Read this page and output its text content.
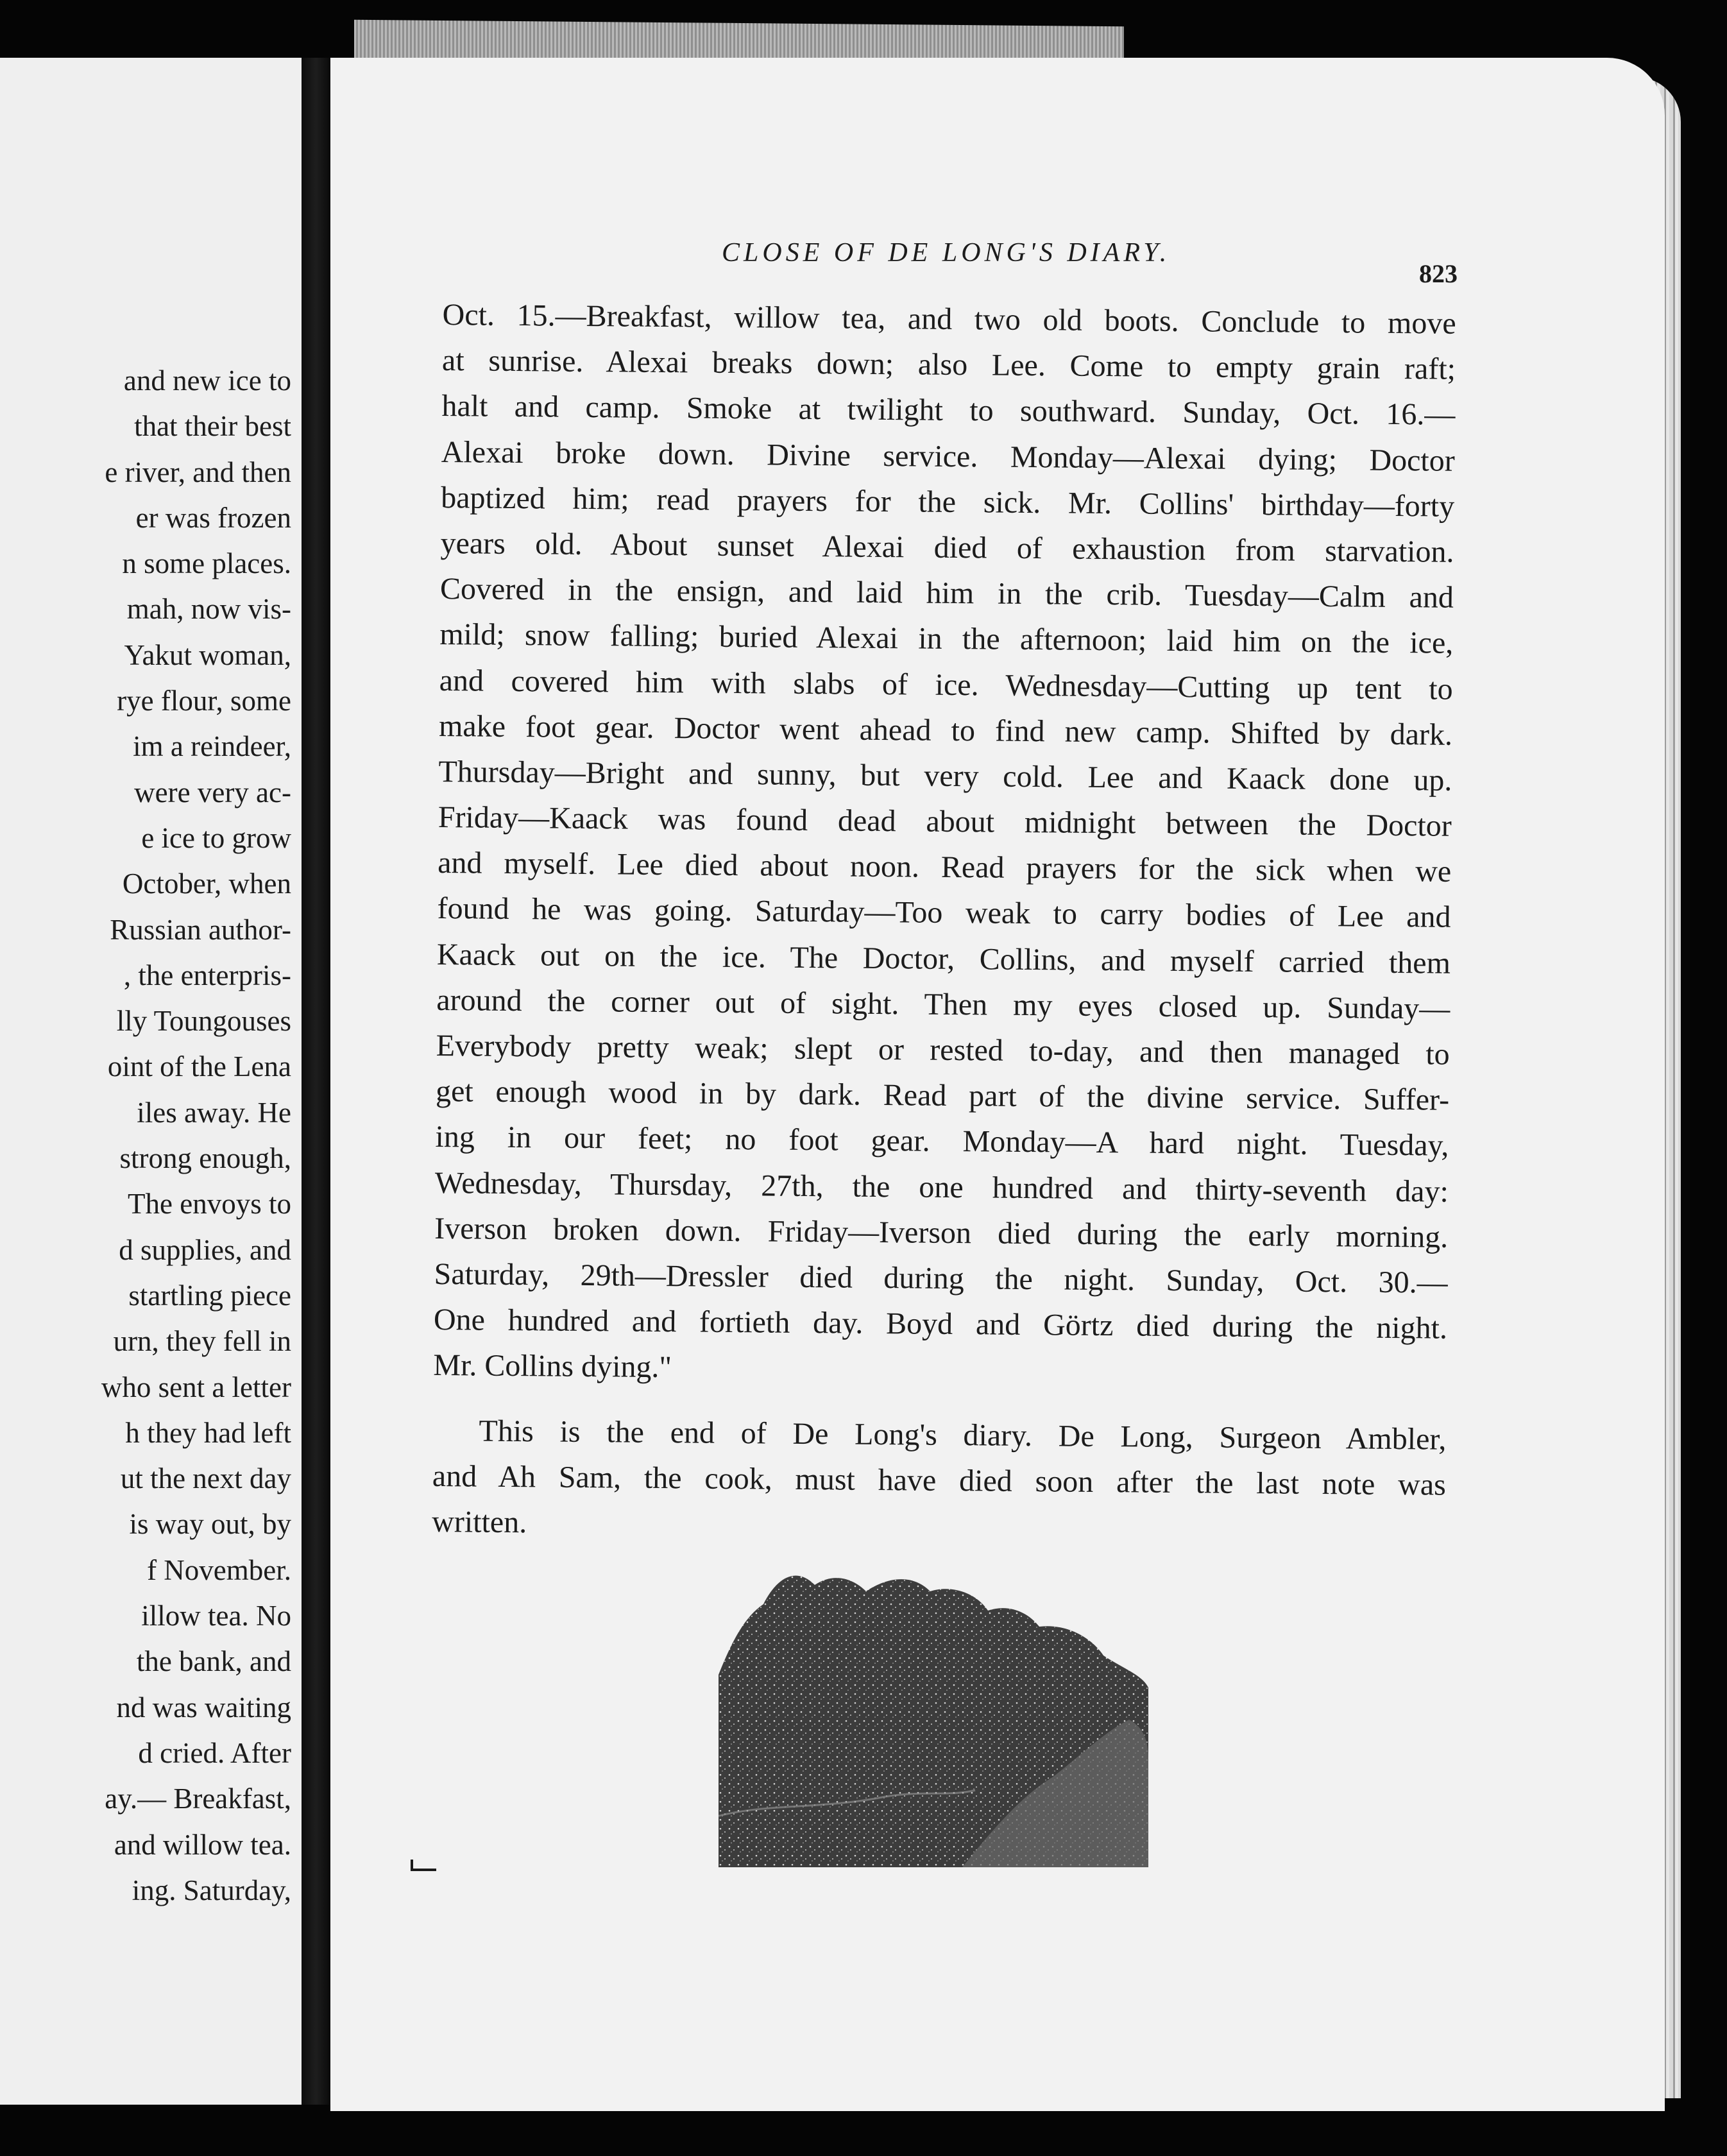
and new ice to
that their best
e river, and then
er was frozen
n some places.
mah, now vis-
Yakut woman,
rye flour, some
im a reindeer,
were very ac-
e ice to grow
October, when
Russian author-
, the enterpris-
lly Toungouses
oint of the Lena
iles away. He
strong enough,
The envoys to
d supplies, and
startling piece
urn, they fell in
who sent a letter
h they had left
ut the next day
is way out, by
f November.
illow tea. No
the bank, and
nd was waiting
d cried. After
ay.— Breakfast,
and willow tea.
ing. Saturday,
CLOSE OF DE LONG'S DIARY.
823
Oct. 15.—Breakfast, willow tea, and two old boots. Conclude to move
at sunrise. Alexai breaks down; also Lee. Come to empty grain raft;
halt and camp. Smoke at twilight to southward. Sunday, Oct. 16.—
Alexai broke down. Divine service. Monday—Alexai dying; Doctor
baptized him; read prayers for the sick. Mr. Collins' birthday—forty
years old. About sunset Alexai died of exhaustion from starvation.
Covered in the ensign, and laid him in the crib. Tuesday—Calm and
mild; snow falling; buried Alexai in the afternoon; laid him on the ice,
and covered him with slabs of ice. Wednesday—Cutting up tent to
make foot gear. Doctor went ahead to find new camp. Shifted by dark.
Thursday—Bright and sunny, but very cold. Lee and Kaack done up.
Friday—Kaack was found dead about midnight between the Doctor
and myself. Lee died about noon. Read prayers for the sick when we
found he was going. Saturday—Too weak to carry bodies of Lee and
Kaack out on the ice. The Doctor, Collins, and myself carried them
around the corner out of sight. Then my eyes closed up. Sunday—
Everybody pretty weak; slept or rested to-day, and then managed to
get enough wood in by dark. Read part of the divine service. Suffer-
ing in our feet; no foot gear. Monday—A hard night. Tuesday,
Wednesday, Thursday, 27th, the one hundred and thirty-seventh day:
Iverson broken down. Friday—Iverson died during the early morning.
Saturday, 29th—Dressler died during the night. Sunday, Oct. 30.—
One hundred and fortieth day. Boyd and Görtz died during the night.
Mr. Collins dying."
This is the end of De Long's diary. De Long, Surgeon Ambler,
and Ah Sam, the cook, must have died soon after the last note was
written.
